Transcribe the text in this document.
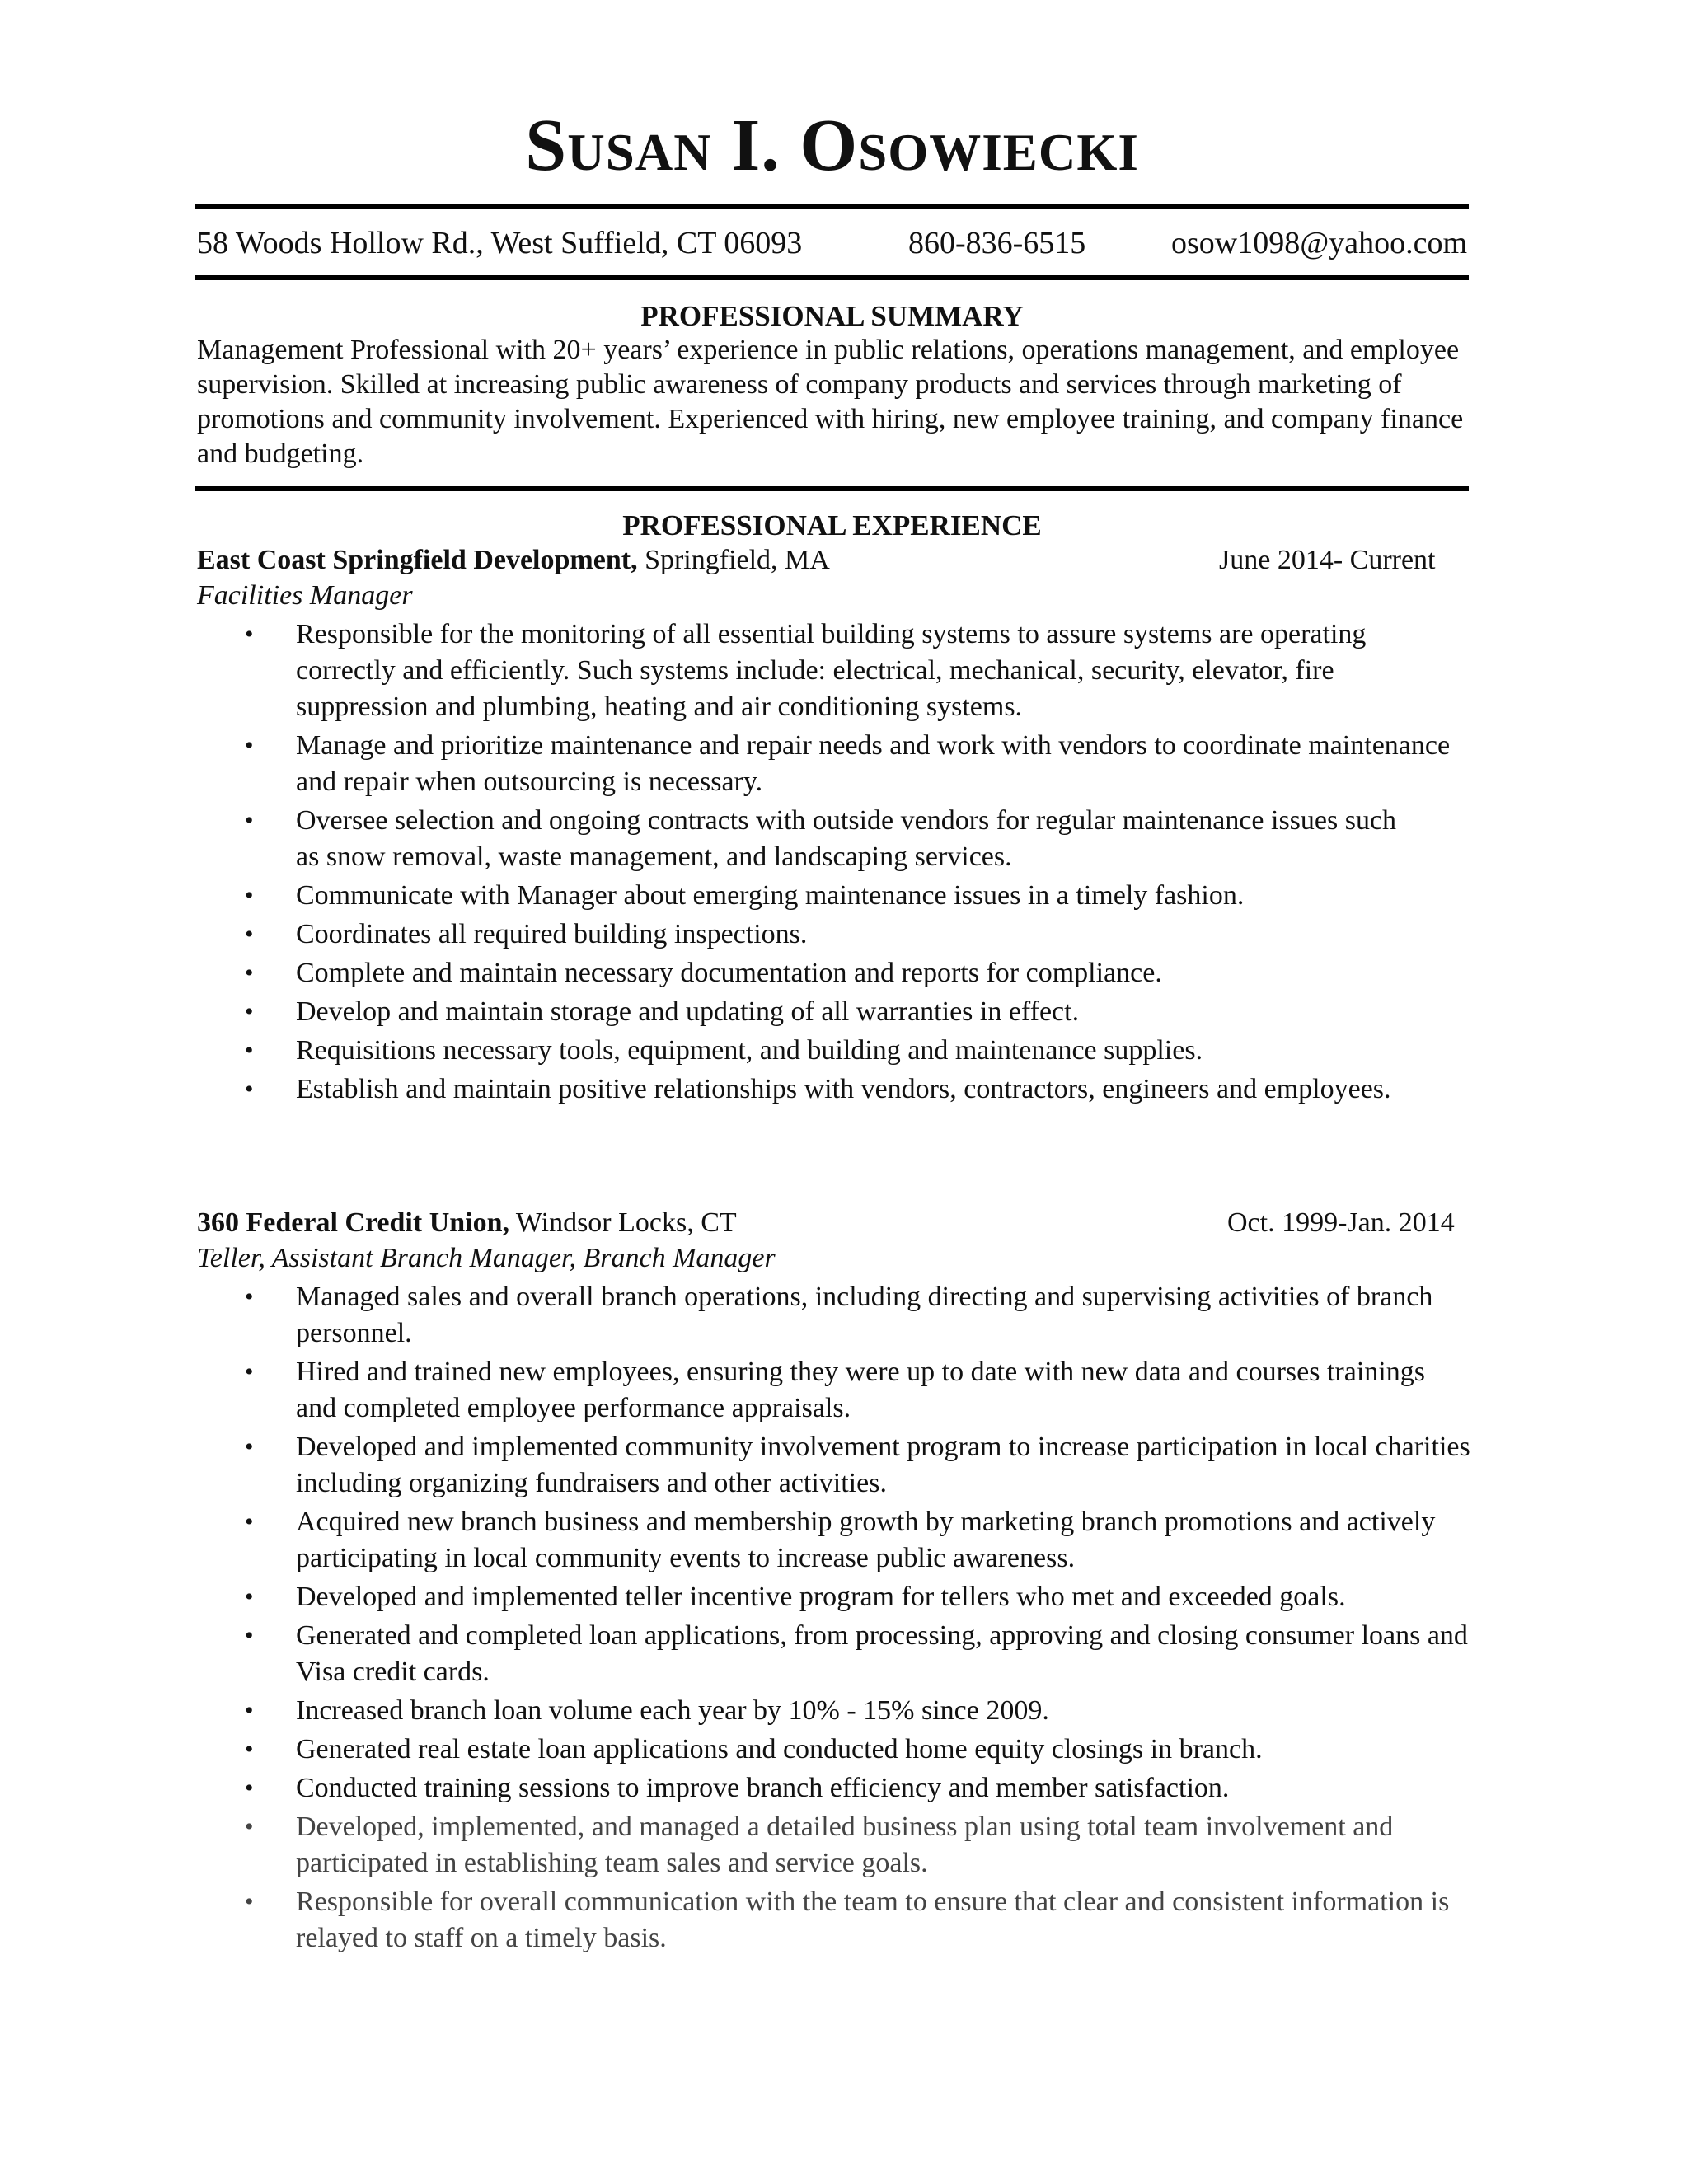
Susan I. Osowiecki
58 Woods Hollow Rd., West Suffield, CT 06093	860-836-6515	osow1098@yahoo.com
PROFESSIONAL SUMMARY
Management Professional with 20+ years’ experience in public relations, operations management, and employee supervision. Skilled at increasing public awareness of company products and services through marketing of promotions and community involvement. Experienced with hiring, new employee training, and company finance and budgeting.
PROFESSIONAL EXPERIENCE
East Coast Springfield Development, Springfield, MA	June 2014- Current
Facilities Manager
• Responsible for the monitoring of all essential building systems to assure systems are operating correctly and efficiently. Such systems include: electrical, mechanical, security, elevator, fire suppression and plumbing, heating and air conditioning systems.
• Manage and prioritize maintenance and repair needs and work with vendors to coordinate maintenance and repair when outsourcing is necessary.
• Oversee selection and ongoing contracts with outside vendors for regular maintenance issues such
as snow removal, waste management, and landscaping services.
• Communicate with Manager about emerging maintenance issues in a timely fashion.
• Coordinates all required building inspections.
• Complete and maintain necessary documentation and reports for compliance.
• Develop and maintain storage and updating of all warranties in effect.
• Requisitions necessary tools, equipment, and building and maintenance supplies.
• Establish and maintain positive relationships with vendors, contractors, engineers and employees.
360 Federal Credit Union, Windsor Locks, CT	Oct. 1999-Jan. 2014
Teller, Assistant Branch Manager, Branch Manager
• Managed sales and overall branch operations, including directing and supervising activities of branch personnel.
• Hired and trained new employees, ensuring they were up to date with new data and courses trainings and completed employee performance appraisals.
• Developed and implemented community involvement program to increase participation in local charities including organizing fundraisers and other activities.
• Acquired new branch business and membership growth by marketing branch promotions and actively participating in local community events to increase public awareness.
• Developed and implemented teller incentive program for tellers who met and exceeded goals.
• Generated and completed loan applications, from processing, approving and closing consumer loans and Visa credit cards.
• Increased branch loan volume each year by 10% - 15% since 2009.
• Generated real estate loan applications and conducted home equity closings in branch.
• Conducted training sessions to improve branch efficiency and member satisfaction.
• Developed, implemented, and managed a detailed business plan using total team involvement and participated in establishing team sales and service goals.
• Responsible for overall communication with the team to ensure that clear and consistent information is relayed to staff on a timely basis.
